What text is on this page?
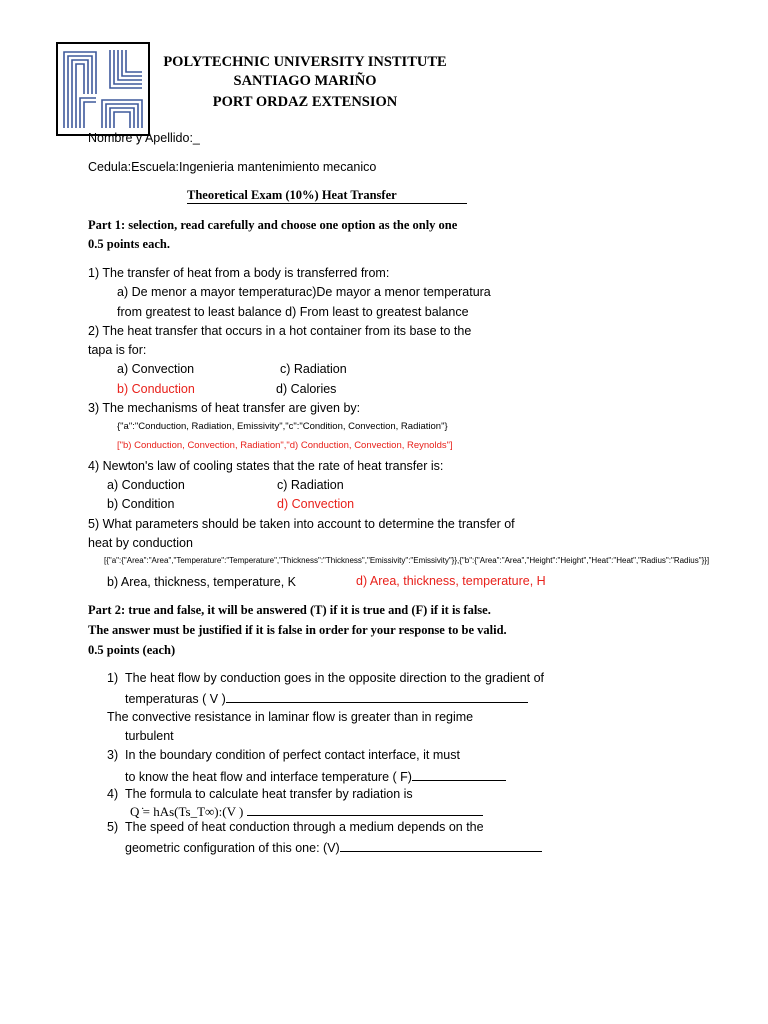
POLYTECHNIC UNIVERSITY INSTITUTE
SANTIAGO MARIÑO
PORT ORDAZ EXTENSION
Nombre y Apellido:_
Cedula:Escuela:Ingenieria mantenimiento mecanico
Theoretical Exam (10%) Heat Transfer
Part 1: selection, read carefully and choose one option as the only one
0.5 points each.
1) The transfer of heat from a body is transferred from:
a) De menor a mayor temperaturac)De mayor a menor temperatura
from greatest to least balance d) From least to greatest balance
2) The heat transfer that occurs in a hot container from its base to the
tapa is for:
a) Convection	c) Radiation
b) Conduction	d) Calories
3) The mechanisms of heat transfer are given by:
{"a":"Conduction, Radiation, Emissivity","c":"Condition, Convection, Radiation"}
["b) Conduction, Convection, Radiation","d) Conduction, Convection, Reynolds"]
4) Newton's law of cooling states that the rate of heat transfer is:
a) Conduction	c) Radiation
b) Condition	d) Convection
5) What parameters should be taken into account to determine the transfer of
heat by conduction
[{"a":{"Area":"Area","Temperature":"Temperature","Thickness":"Thickness","Emissivity":"Emissivity"}},{"b":{"Area":"Area","Height":"Height","Heat":"Heat","Radius":"Radius"}}]
b) Area, thickness, temperature, K	d) Area, thickness, temperature, H
Part 2: true and false, it will be answered (T) if it is true and (F) if it is false.
The answer must be justified if it is false in order for your response to be valid.
0.5 points (each)
1) The heat flow by conduction goes in the opposite direction to the gradient of
temperaturas ( V )
The convective resistance in laminar flow is greater than in regime
turbulent
3) In the boundary condition of perfect contact interface, it must
to know the heat flow and interface temperature ( F)
4) The formula to calculate heat transfer by radiation is
Q ̇= hAs(Ts_T∞):(V )
5) The speed of heat conduction through a medium depends on the
geometric configuration of this one: (V)
